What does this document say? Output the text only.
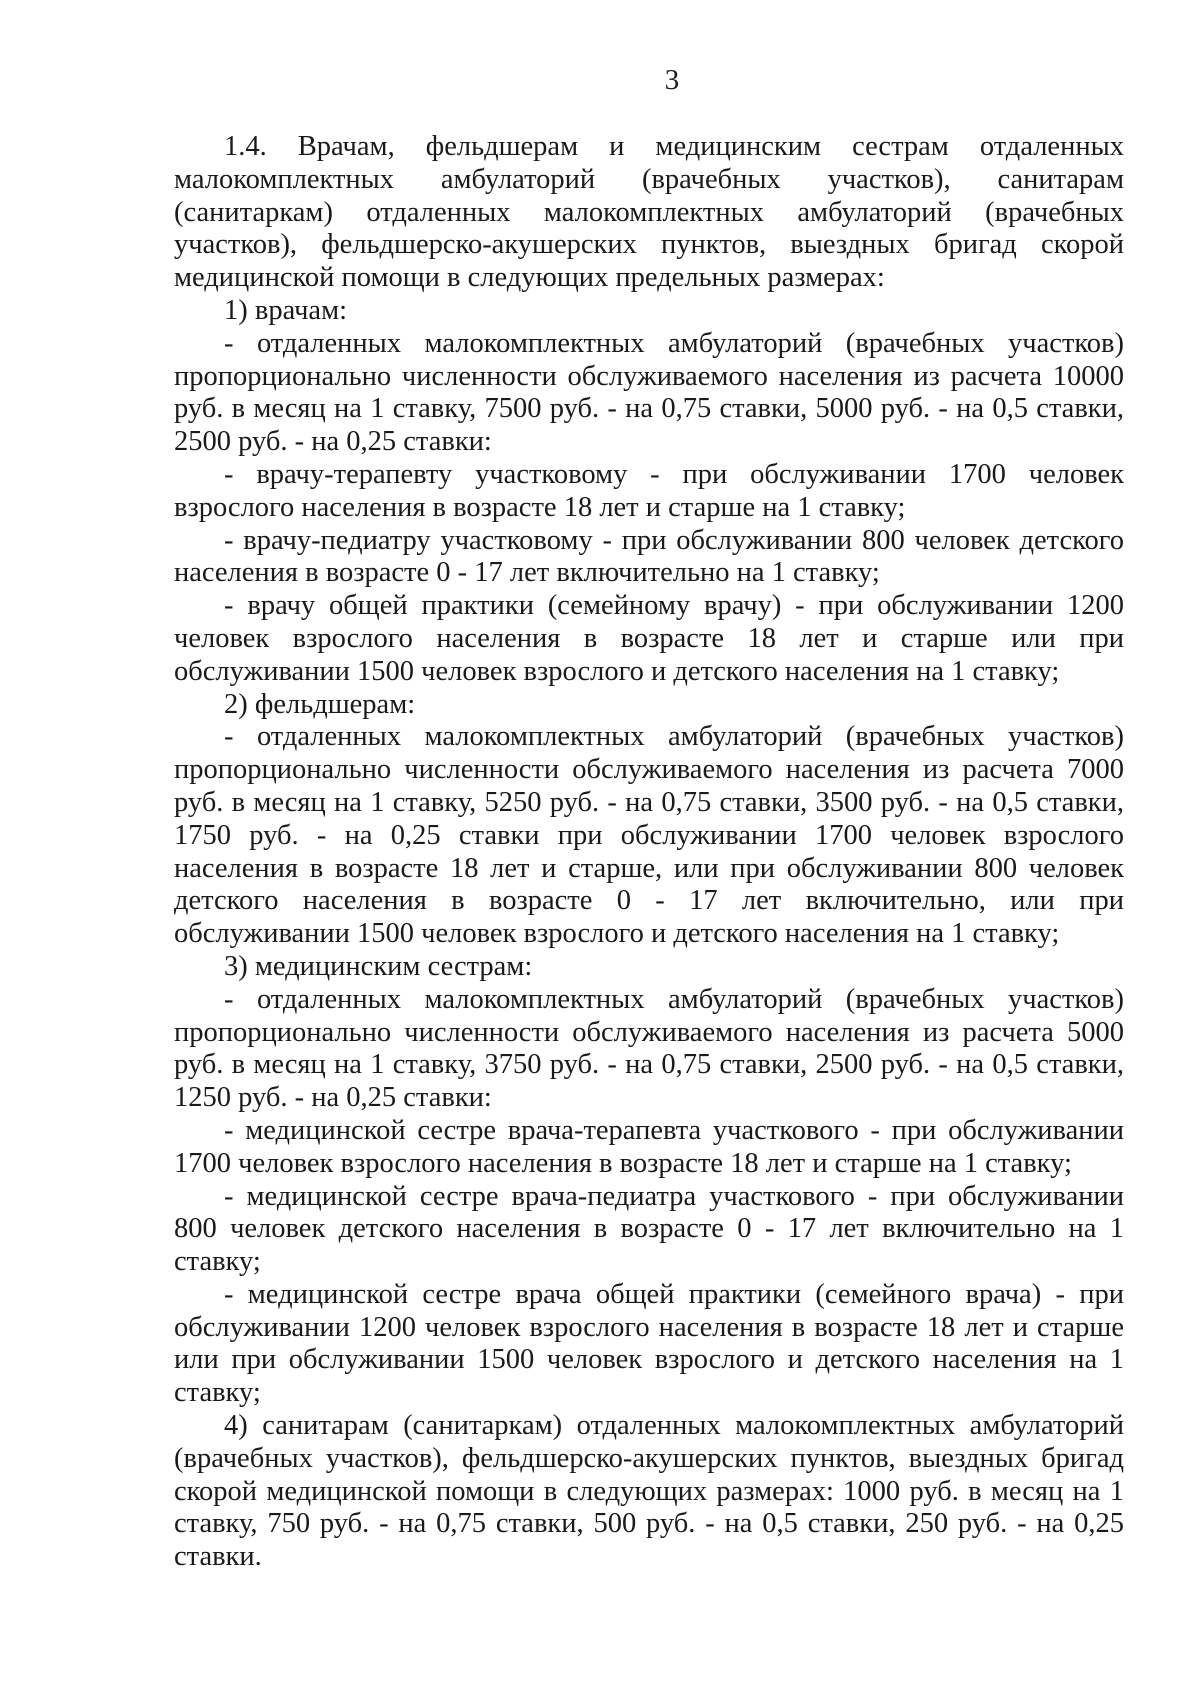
3

1.4. Врачам, фельдшерам и медицинским сестрам отдаленных малокомплектных амбулаторий (врачебных участков), санитарам (санитаркам) отдаленных малокомплектных амбулаторий (врачебных участков), фельдшерско-акушерских пунктов, выездных бригад скорой медицинской помощи в следующих предельных размерах:

1) врачам:

- отдаленных малокомплектных амбулаторий (врачебных участков) пропорционально численности обслуживаемого населения из расчета 10000 руб. в месяц на 1 ставку, 7500 руб. - на 0,75 ставки, 5000 руб. - на 0,5 ставки, 2500 руб. - на 0,25 ставки:

- врачу-терапевту участковому - при обслуживании 1700 человек взрослого населения в возрасте 18 лет и старше на 1 ставку;

- врачу-педиатру участковому - при обслуживании 800 человек детского населения в возрасте 0 - 17 лет включительно на 1 ставку;

- врачу общей практики (семейному врачу) - при обслуживании 1200 человек взрослого населения в возрасте 18 лет и старше или при обслуживании 1500 человек взрослого и детского населения на 1 ставку;

2) фельдшерам:

- отдаленных малокомплектных амбулаторий (врачебных участков) пропорционально численности обслуживаемого населения из расчета 7000 руб. в месяц на 1 ставку, 5250 руб. - на 0,75 ставки, 3500 руб. - на 0,5 ставки, 1750 руб. - на 0,25 ставки при обслуживании 1700 человек взрослого населения в возрасте 18 лет и старше, или при обслуживании 800 человек детского населения в возрасте 0 - 17 лет включительно, или при обслуживании 1500 человек взрослого и детского населения на 1 ставку;

3) медицинским сестрам:

- отдаленных малокомплектных амбулаторий (врачебных участков) пропорционально численности обслуживаемого населения из расчета 5000 руб. в месяц на 1 ставку, 3750 руб. - на 0,75 ставки, 2500 руб. - на 0,5 ставки, 1250 руб. - на 0,25 ставки:

- медицинской сестре врача-терапевта участкового - при обслуживании 1700 человек взрослого населения в возрасте 18 лет и старше на 1 ставку;

- медицинской сестре врача-педиатра участкового - при обслуживании 800 человек детского населения в возрасте 0 - 17 лет включительно на 1 ставку;

- медицинской сестре врача общей практики (семейного врача) - при обслуживании 1200 человек взрослого населения в возрасте 18 лет и старше или при обслуживании 1500 человек взрослого и детского населения на 1 ставку;

4) санитарам (санитаркам) отдаленных малокомплектных амбулаторий (врачебных участков), фельдшерско-акушерских пунктов, выездных бригад скорой медицинской помощи в следующих размерах: 1000 руб. в месяц на 1 ставку, 750 руб. - на 0,75 ставки, 500 руб. - на 0,5 ставки, 250 руб. - на 0,25 ставки.
